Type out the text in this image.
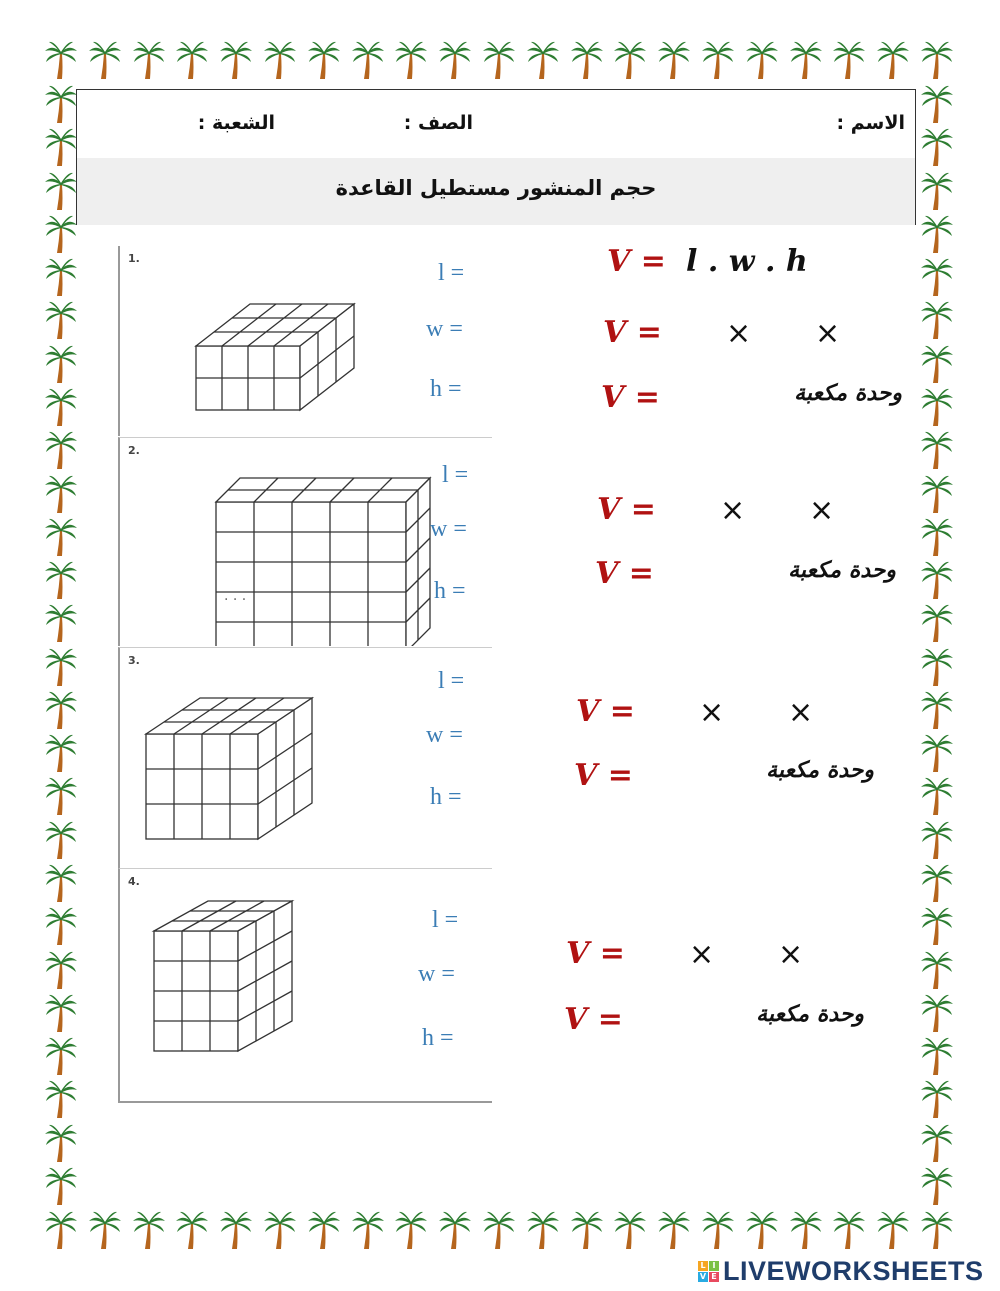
الاسم :
الصف :
الشعبة :
حجم المنشور مستطيل القاعدة
1.
l =
w =
h =
2.
. . .
l =
w =
h =
3.
l =
w =
h =
4.
l =
w =
h =
V = l . w . h
V = × ×
V =	وحدة مكعبة
V = × ×
V =	وحدة مكعبة
V = × ×
V =	وحدة مكعبة
V = × ×
V =	وحدة مكعبة
L I
V E LIVEWORKSHEETS
